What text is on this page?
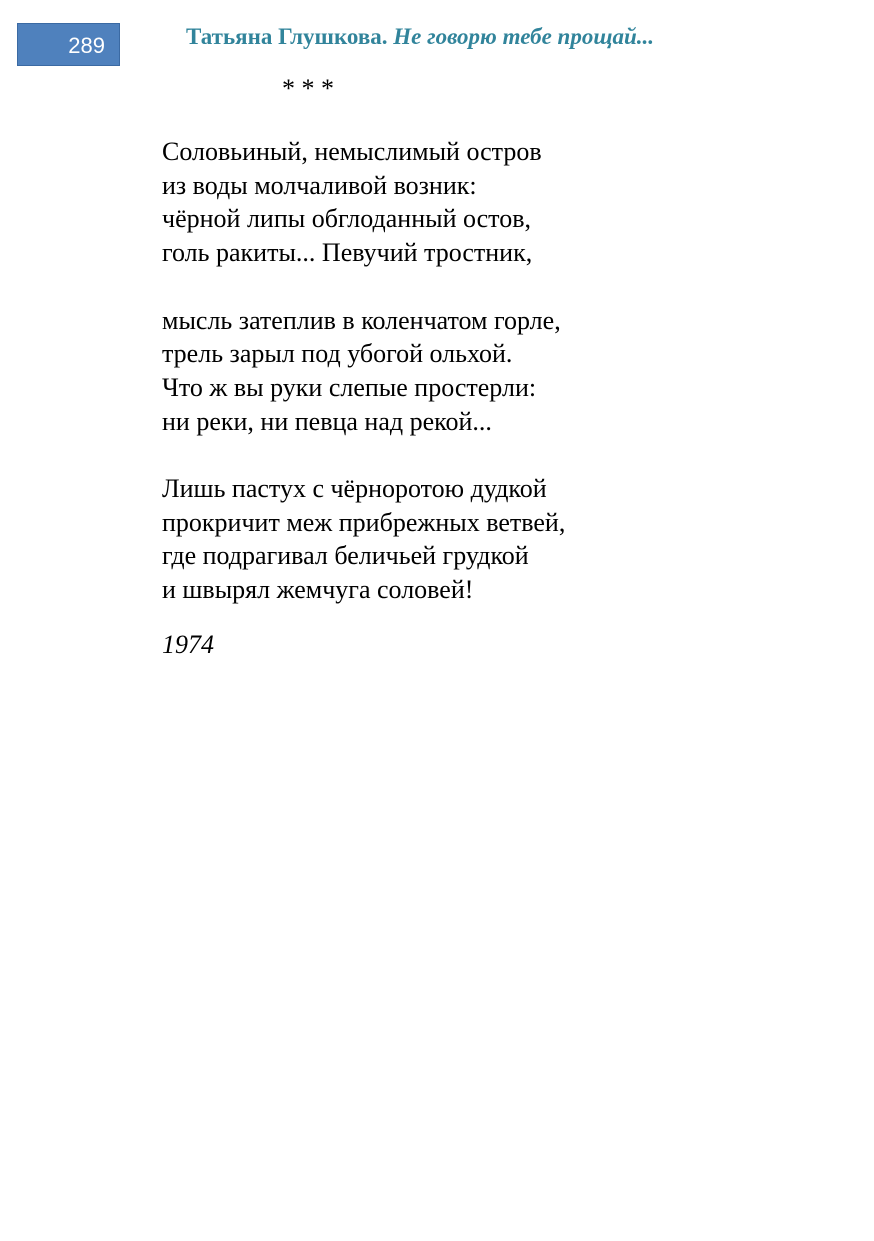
289	Татьяна Глушкова. Не говорю тебе прощай...
* * *
Соловьиный, немыслимый остров
из воды молчаливой возник:
чёрной липы обглоданный остов,
голь ракиты... Певучий тростник,
мысль затеплив в коленчатом горле,
трель зарыл под убогой ольхой.
Что ж вы руки слепые простерли:
ни реки, ни певца над рекой...
Лишь пастух с чёрноротою дудкой
прокричит меж прибрежных ветвей,
где подрагивал беличьей грудкой
и швырял жемчуга соловей!
1974
